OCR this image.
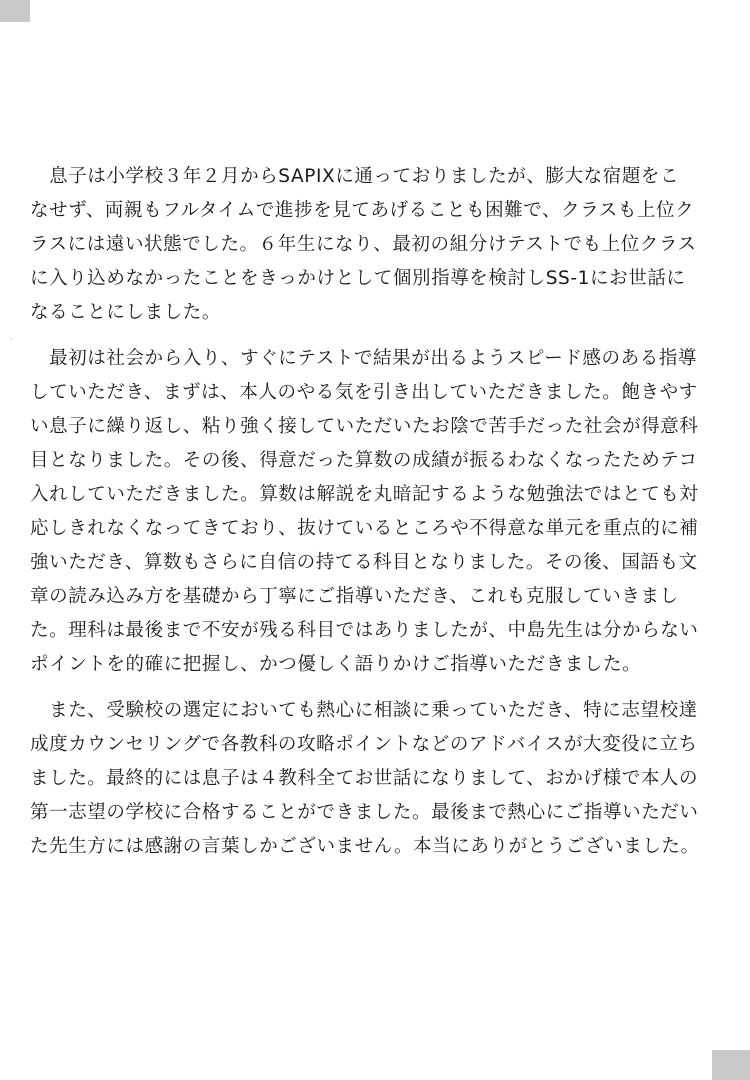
　息子は小学校３年２月からSAPIXに通っておりましたが、膨大な宿題をこ
なせず、両親もフルタイムで進捗を見てあげることも困難で、クラスも上位ク
ラスには遠い状態でした。６年生になり、最初の組分けテストでも上位クラス
に入り込めなかったことをきっかけとして個別指導を検討しSS-1にお世話に
なることにしました。
　最初は社会から入り、すぐにテストで結果が出るようスピード感のある指導
していただき、まずは、本人のやる気を引き出していただきました。飽きやす
い息子に繰り返し、粘り強く接していただいたお陰で苦手だった社会が得意科
目となりました。その後、得意だった算数の成績が振るわなくなったためテコ
入れしていただきました。算数は解説を丸暗記するような勉強法ではとても対
応しきれなくなってきており、抜けているところや不得意な単元を重点的に補
強いただき、算数もさらに自信の持てる科目となりました。その後、国語も文
章の読み込み方を基礎から丁寧にご指導いただき、これも克服していきまし
た。理科は最後まで不安が残る科目ではありましたが、中島先生は分からない
ポイントを的確に把握し、かつ優しく語りかけご指導いただきました。
　また、受験校の選定においても熱心に相談に乗っていただき、特に志望校達
成度カウンセリングで各教科の攻略ポイントなどのアドバイスが大変役に立ち
ました。最終的には息子は４教科全てお世話になりまして、おかげ様で本人の
第一志望の学校に合格することができました。最後まで熱心にご指導いただい
た先生方には感謝の言葉しかございません。本当にありがとうございました。
